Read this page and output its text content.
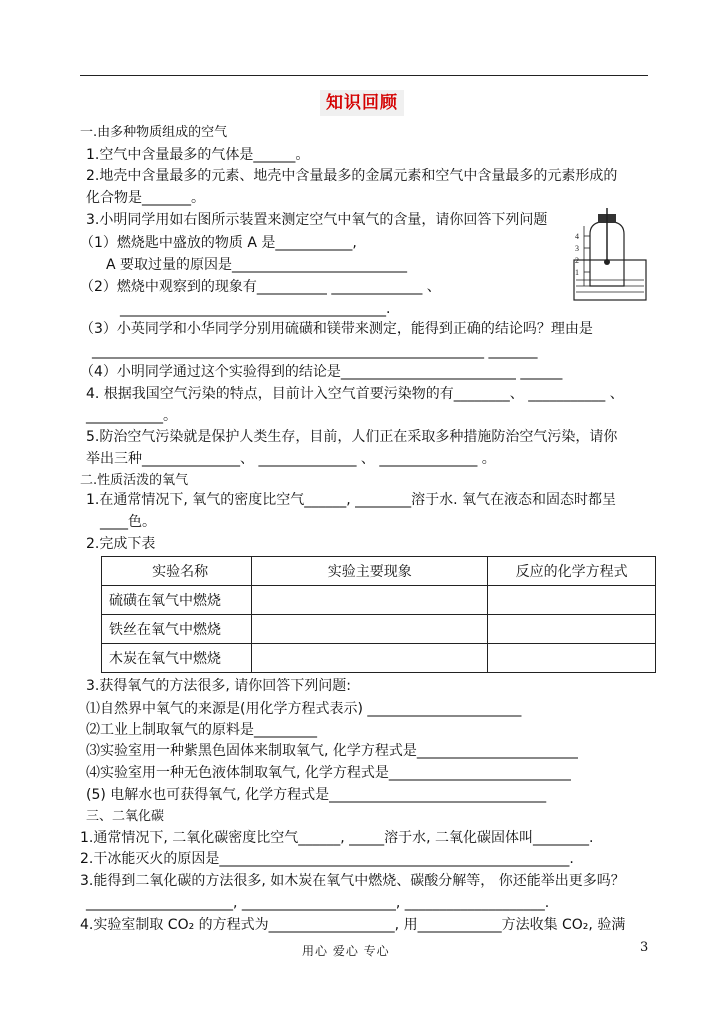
知识回顾
一.由多种物质组成的空气
1.空气中含量最多的气体是______。
2.地壳中含量最多的元素、地壳中含量最多的金属元素和空气中含量最多的元素形成的
化合物是_______。
3.小明同学用如右图所示装置来测定空气中氧气的含量，请你回答下列问题
（1）燃烧匙中盛放的物质 A 是___________,
A 要取过量的原因是_________________________
（2）燃烧中观察到的现象有__________ _____________ 、
______________________________________.
（3）小英同学和小华同学分别用硫磺和镁带来测定，能得到正确的结论吗？理由是
________________________________________________________ _______
（4）小明同学通过这个实验得到的结论是_________________________ ______
4. 根据我国空气污染的特点，目前计入空气首要污染物的有________、 ___________ 、
___________。
5.防治空气污染就是保护人类生存，目前，人们正在采取多种措施防治空气污染，请你
举出三种______________、 ______________ 、 ______________ 。
二.性质活泼的氧气
1.在通常情况下, 氧气的密度比空气______, ________溶于水. 氧气在液态和固态时都呈
____色。
2.完成下表
实验名称	实验主要现象	反应的化学方程式
硫磺在氧气中燃烧		
铁丝在氧气中燃烧		
木炭在氧气中燃烧		
3.获得氧气的方法很多, 请你回答下列问题:
⑴自然界中氧气的来源是(用化学方程式表示) ______________________
⑵工业上制取氧气的原料是_________
⑶实验室用一种紫黑色固体来制取氧气, 化学方程式是_______________________
⑷实验室用一种无色液体制取氧气, 化学方程式是__________________________
(5) 电解水也可获得氧气, 化学方程式是_______________________________
三、二氧化碳
1.通常情况下, 二氧化碳密度比空气______, _____溶于水, 二氧化碳固体叫________.
2.干冰能灭火的原因是__________________________________________________.
3.能得到二氧化碳的方法很多, 如木炭在氧气中燃烧、碳酸分解等， 你还能举出更多吗？
_____________________, ______________________, ____________________.
4.实验室制取 CO₂ 的方程式为__________________, 用____________方法收集 CO₂, 验满
4
3
2
1
用心 爱心 专心	3
